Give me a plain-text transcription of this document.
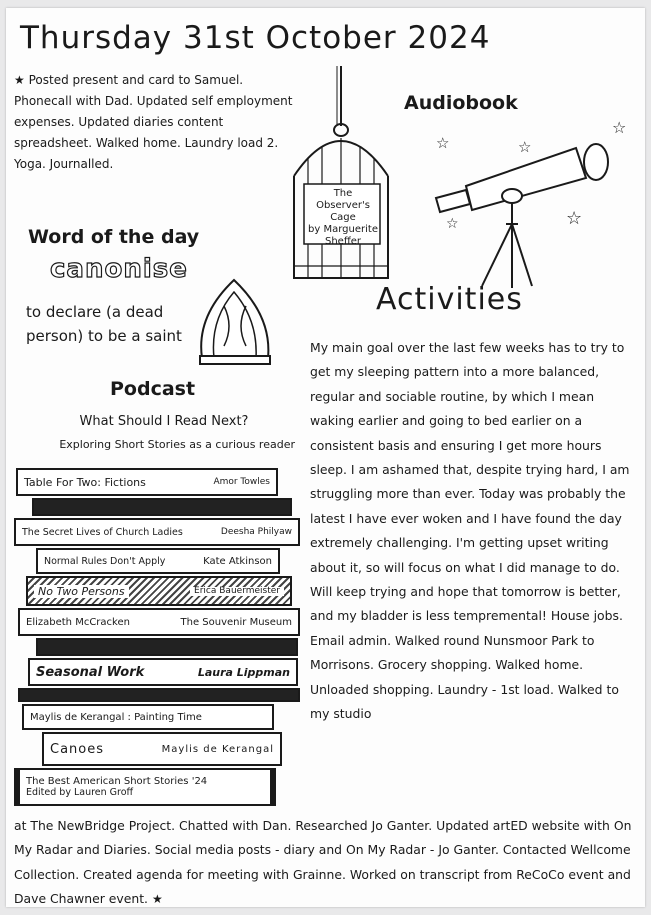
Thursday 31st October 2024
★ Posted present and card to Samuel. Phonecall with Dad. Updated self employment expenses. Updated diaries content spreadsheet. Walked home. Laundry load 2. Yoga. Journalled.
Audiobook
The Observer's Cage
by Marguerite Sheffer
☆	☆
☆
☆	☆
Word of the day
canonise
to declare (a dead person) to be a saint
Activities
Podcast
What Should I Read Next?
Exploring Short Stories as a curious reader
Table For Two: Fictions	Amor Towles
The Secret Lives of Church Ladies	Deesha Philyaw
Normal Rules Don't Apply	Kate Atkinson
No Two Persons	Erica Bauermeister
Elizabeth McCracken	The Souvenir Museum
Seasonal Work	Laura Lippman
Maylis de Kerangal : Painting Time
Canoes	Maylis de Kerangal
The Best American Short Stories '24
Edited by Lauren Groff
My main goal over the last few weeks has to try to get my sleeping pattern into a more balanced, regular and sociable routine, by which I mean waking earlier and going to bed earlier on a consistent basis and ensuring I get more hours sleep. I am ashamed that, despite trying hard, I am struggling more than ever. Today was probably the latest I have ever woken and I have found the day extremely challenging. I'm getting upset writing about it, so will focus on what I did manage to do. Will keep trying and hope that tomorrow is better, and my bladder is less tempremental! House jobs. Email admin. Walked round Nunsmoor Park to Morrisons. Grocery shopping. Walked home. Unloaded shopping. Laundry - 1st load. Walked to my studio
at The NewBridge Project. Chatted with Dan. Researched Jo Ganter. Updated artED website with On My Radar and Diaries. Social media posts - diary and On My Radar - Jo Ganter. Contacted Wellcome Collection. Created agenda for meeting with Grainne. Worked on transcript from ReCoCo event and Dave Chawner event. ★
